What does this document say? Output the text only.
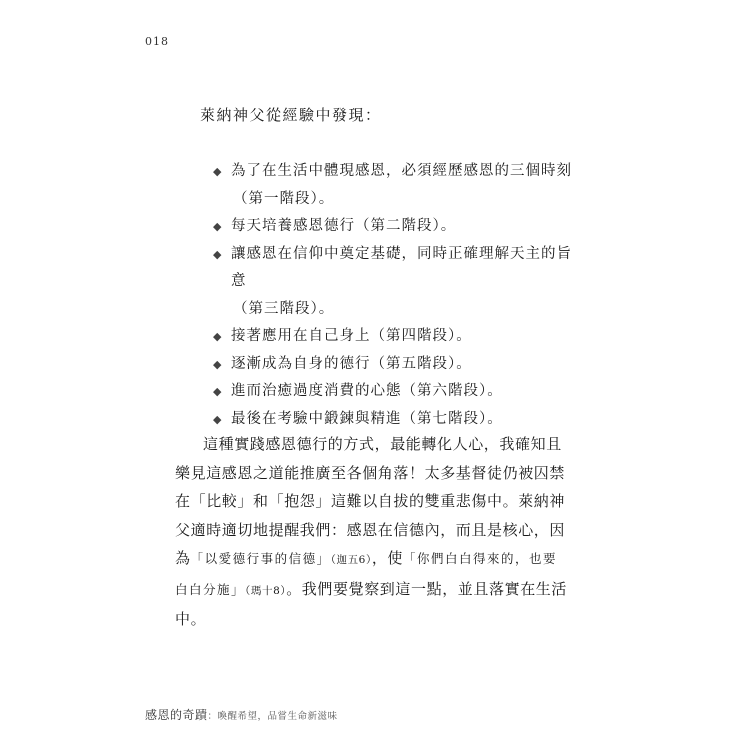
018
萊納神父從經驗中發現：
◆ 為了在生活中體現感恩，必須經歷感恩的三個時刻
（第一階段）。
◆ 每天培養感恩德行（第二階段）。
◆ 讓感恩在信仰中奠定基礎，同時正確理解天主的旨意
（第三階段）。
◆ 接著應用在自己身上（第四階段）。
◆ 逐漸成為自身的德行（第五階段）。
◆ 進而治癒過度消費的心態（第六階段）。
◆ 最後在考驗中鍛鍊與精進（第七階段）。

這種實踐感恩德行的方式，最能轉化人心，我確知且樂見這感恩之道能推廣至各個角落！太多基督徒仍被囚禁在「比較」和「抱怨」這難以自拔的雙重悲傷中。萊納神父適時適切地提醒我們：感恩在信德內，而且是核心，因為「以愛德行事的信德」（迦五6），使「你們白白得來的，也要白白分施」（瑪十8）。我們要覺察到這一點，並且落實在生活中。

感恩的奇蹟：喚醒希望，品嘗生命新滋味
